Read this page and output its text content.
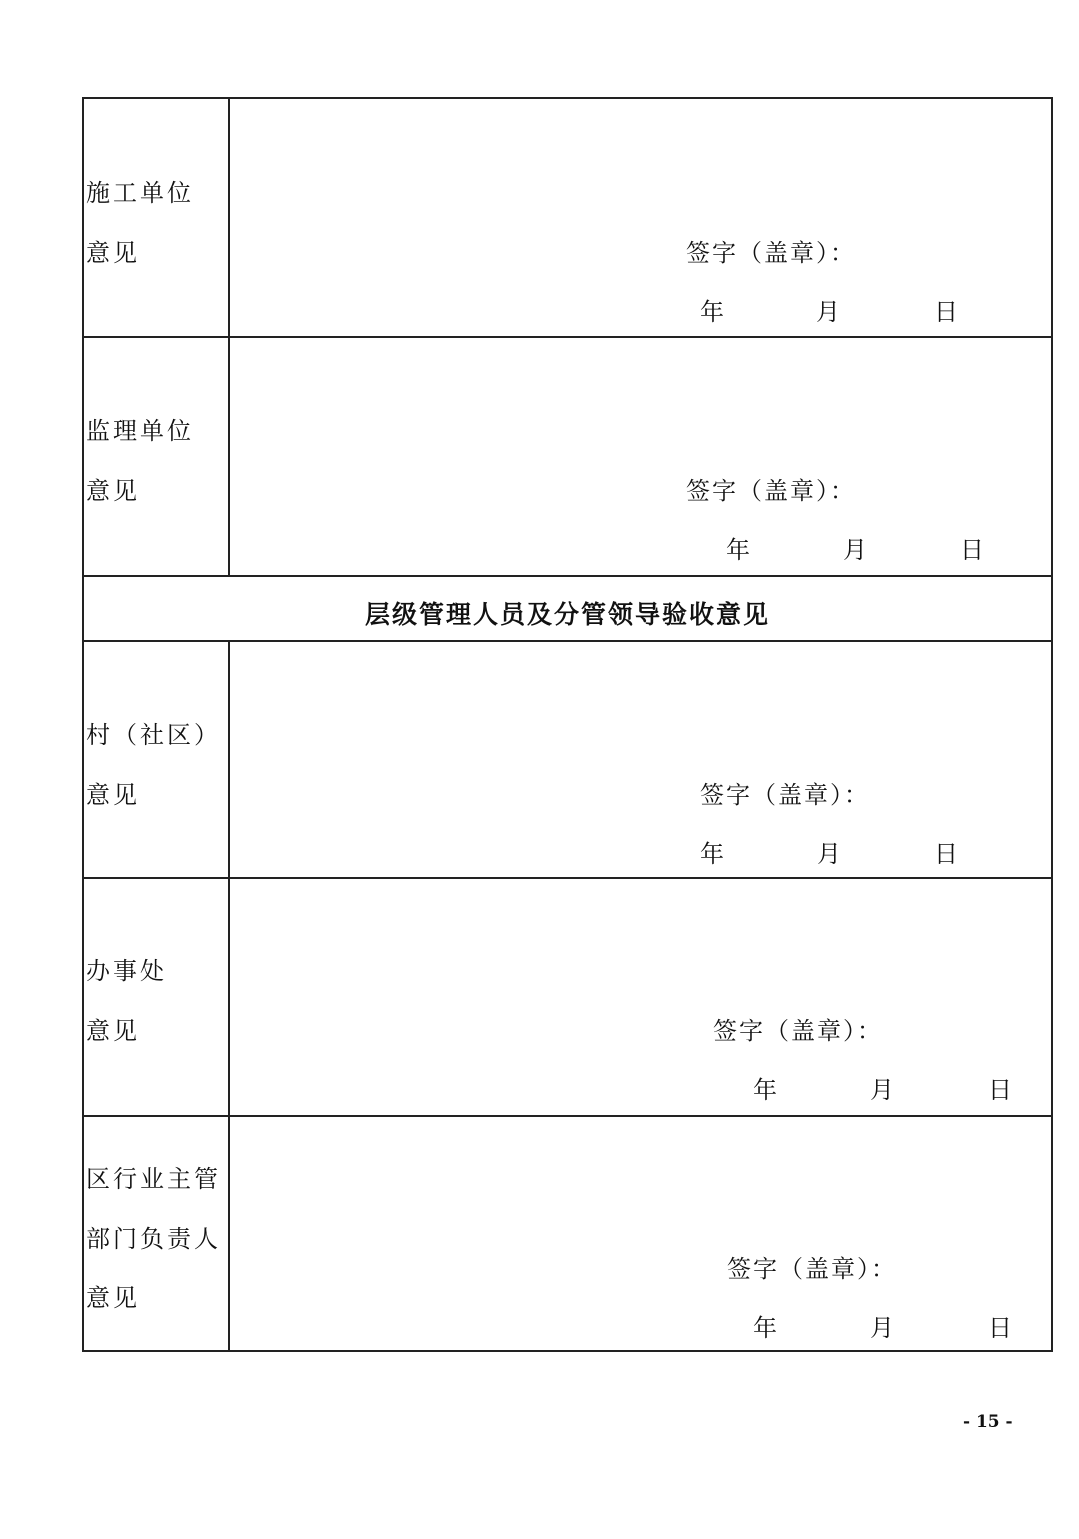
施工单位
意见	签字（盖章）：
年	月	日
监理单位
意见	签字（盖章）：
年	月	日
层级管理人员及分管领导验收意见
村（社区）
意见	签字（盖章）：
年	月	日
办事处
意见	签字（盖章）：
年	月	日
区行业主管
部门负责人
意见
签字（盖章）：
年	月	日
- 15 -
